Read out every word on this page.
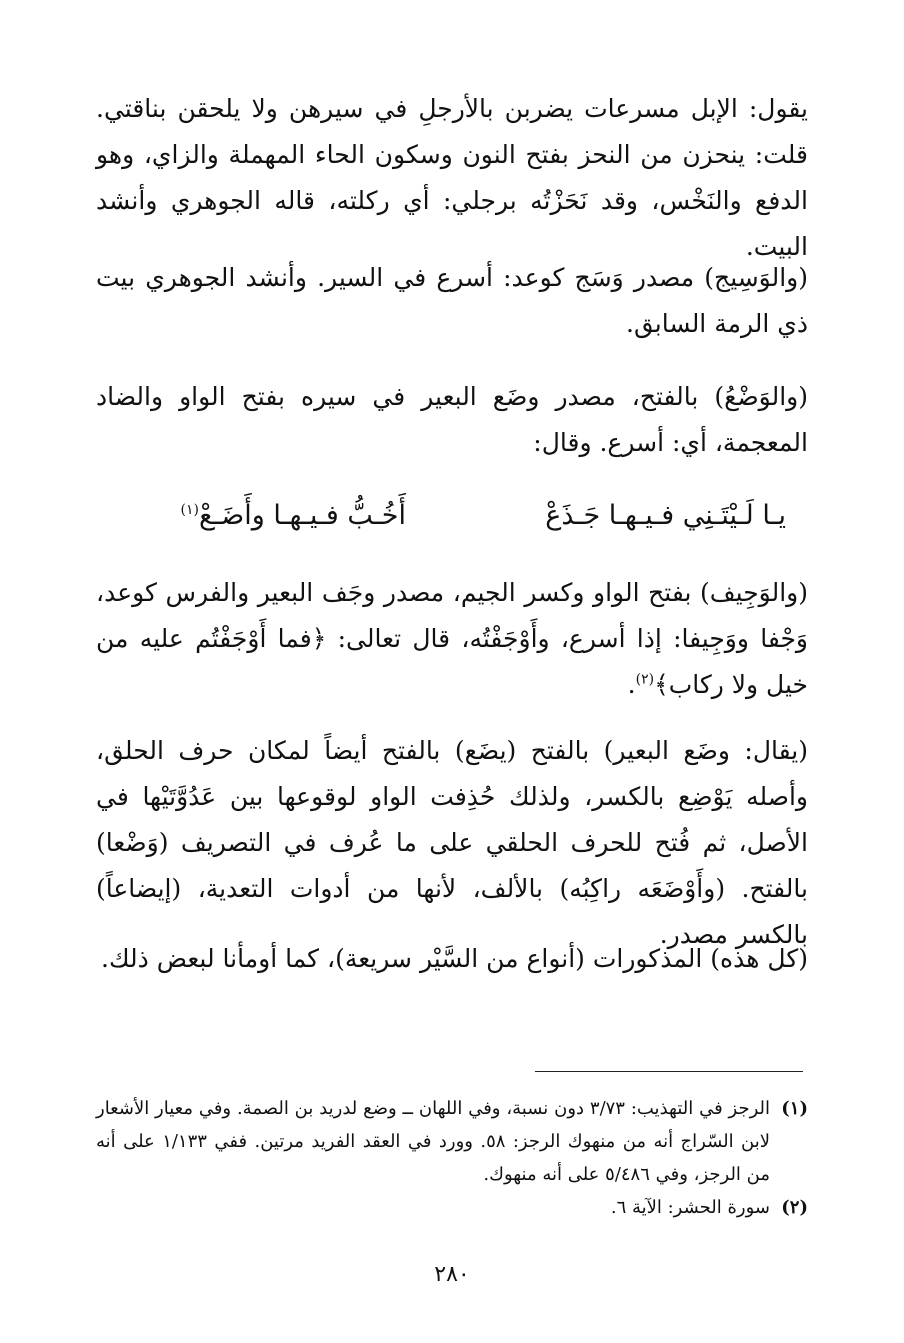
يقول: الإبل مسرعات يضربن بالأرجلِ في سيرهن ولا يلحقن بناقتي. قلت: ينحزن من النحز بفتح النون وسكون الحاء المهملة والزاي، وهو الدفع والنَخْس، وقد نَحَزْتُه برجلي: أي ركلته، قاله الجوهري وأنشد البيت.

(والوَسِيج) مصدر وَسَج كوعد: أسرع في السير. وأنشد الجوهري بيت ذي الرمة السابق.

(والوَضْعُ) بالفتح، مصدر وضَع البعير في سيره بفتح الواو والضاد المعجمة، أي: أسرع. وقال:

يـا لَـيْتَـنِي فـيـهـا جَـذَعْ
أَخُـبُّ فـيـهـا وأَضَـعْ$^{(١)}$

(والوَجِيف) بفتح الواو وكسر الجيم، مصدر وجَف البعير والفرس كوعد، وَجْفا ووَجِيفا: إذا أسرع، وأَوْجَفْتُه، قال تعالى: ﴿فما أَوْجَفْتُم عليه من خيل ولا ركاب﴾$^{(٢)}$.

(يقال: وضَع البعير) بالفتح (يضَع) بالفتح أيضاً لمكان حرف الحلق، وأصله يَوْضِع بالكسر، ولذلك حُذِفت الواو لوقوعها بين عَدُوَّتَيْها في الأصل، ثم فُتح للحرف الحلقي على ما عُرف في التصريف (وَضْعا) بالفتح. (وأَوْضَعَه راكِبُه) بالألف، لأنها من أدوات التعدية، (إيضاعاً) بالكسر مصدر.

(كل هذه) المذكورات (أنواع من السَّيْر سريعة)، كما أومأنا لبعض ذلك.

(١)
الرجز في التهذيب: ٣/٧٣ دون نسبة، وفي اللهان ــ وضع لدريد بن الصمة. وفي معيار الأشعار لابن السّراج أنه من منهوك الرجز: ٥٨. وورد في العقد الفريد مرتين. ففي ١/١٣٣ على أنه من الرجز، وفي ٥/٤٨٦ على أنه منهوك.

(٢)
سورة الحشر: الآية ٦.

٢٨٠
